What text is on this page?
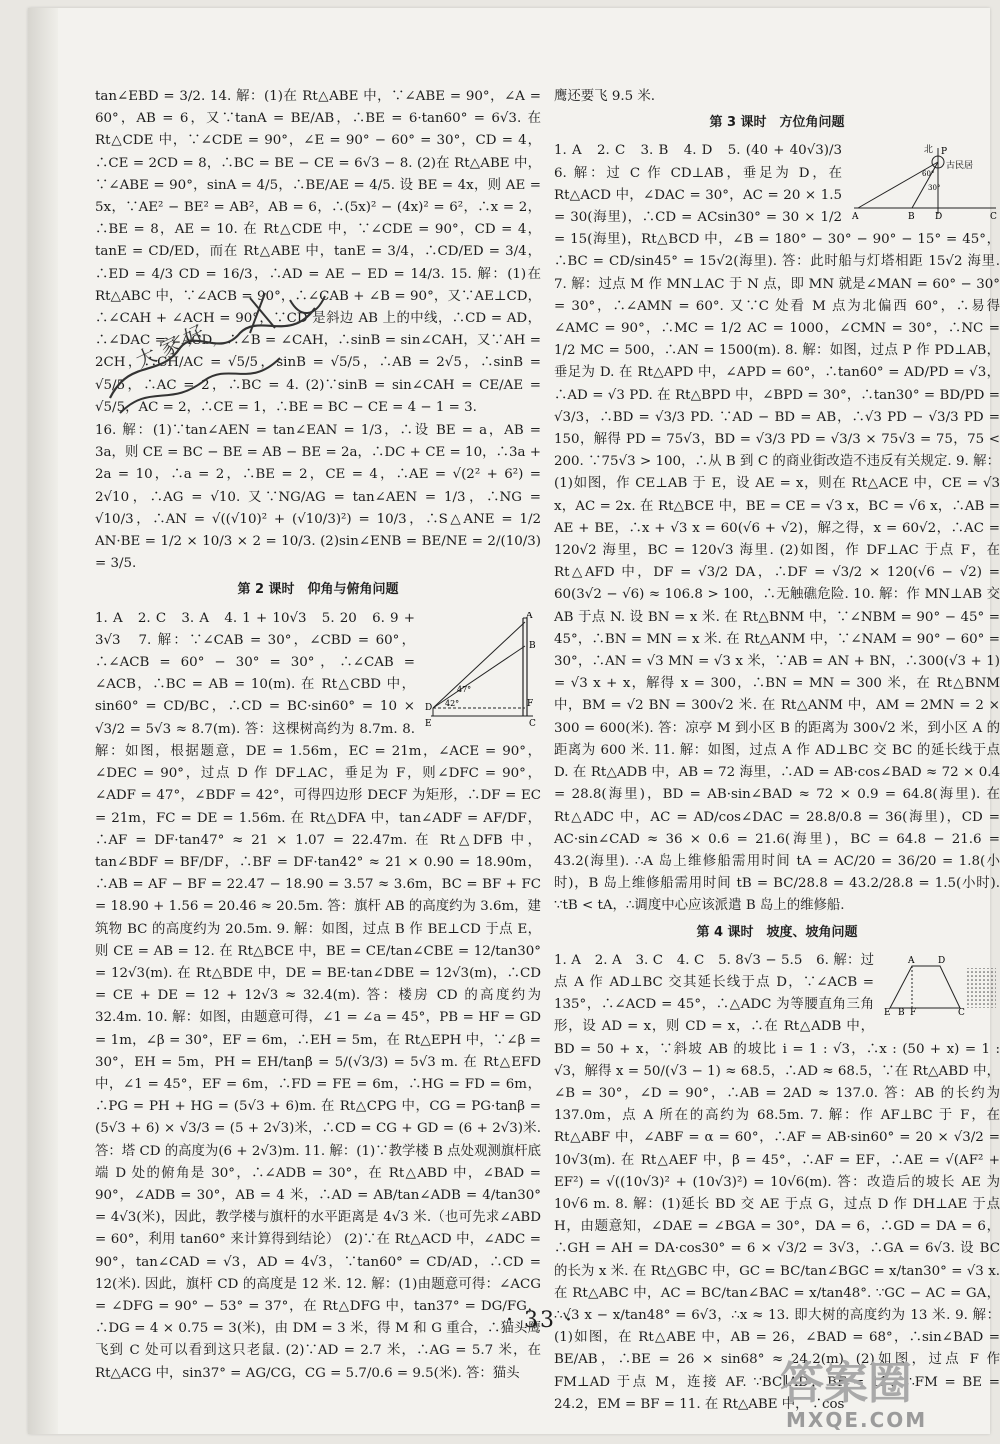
tan∠EBD = 3/2. 14. 解：(1)在 Rt△ABE 中，∵∠ABE = 90°，∠A = 60°，AB = 6，又∵tanA = BE/AB，∴BE = 6·tan60° = 6√3. 在 Rt△CDE 中，∵∠CDE = 90°，∠E = 90° − 60° = 30°，CD = 4，∴CE = 2CD = 8，∴BC = BE − CE = 6√3 − 8. (2)在 Rt△ABE 中，∵∠ABE = 90°，sinA = 4/5，∴BE/AE = 4/5. 设 BE = 4x，则 AE = 5x，∵AE² − BE² = AB²，AB = 6，∴(5x)² − (4x)² = 6²，∴x = 2，∴BE = 8，AE = 10. 在 Rt△CDE 中，∵∠CDE = 90°，CD = 4，tanE = CD/ED，而在 Rt△ABE 中，tanE = 3/4，∴CD/ED = 3/4，∴ED = 4/3 CD = 16/3，∴AD = AE − ED = 14/3. 15. 解：(1)在 Rt△ABC 中，∵∠ACB = 90°，∴∠CAB + ∠B = 90°，又∵AE⊥CD，∴∠CAH + ∠ACH = 90°，∵CD 是斜边 AB 上的中线，∴CD = AD，∴∠DAC = ∠ACD，∴∠B = ∠CAH，∴sinB = sin∠CAH，又∵AH = 2CH，∴CH/AC = √5/5，sinB = √5/5，∴AB = 2√5，∴sinB = √5/5，∴AC = 2，∴BC = 4. (2)∵sinB = sin∠CAH = CE/AE = √5/5，AC = 2，∴CE = 1，∴BE = BC − CE = 4 − 1 = 3.

16. 解：(1)∵tan∠AEN = tan∠EAN = 1/3，∴设 BE = a，AB = 3a，则 CE = BC − BE = AB − BE = 2a，∴DC + CE = 10，∴3a + 2a = 10，∴a = 2，∴BE = 2，CE = 4，∴AE = √(2² + 6²) = 2√10，∴AG = √10. 又∵NG/AG = tan∠AEN = 1/3，∴NG = √10/3，∴AN = √((√10)² + (√10/3)²) = 10/3，∴S△ANE = 1/2 AN·BE = 1/2 × 10/3 × 2 = 10/3. (2)sin∠ENB = BE/NE = 2/(10/3) = 3/5.

第 2 课时　仰角与俯角问题
A
B
C
D
E
F
47°
42°

1. A　2. C　3. A　4. 1 + 10√3　5. 20　6. 9 + 3√3　7. 解：∵∠CAB = 30°，∠CBD = 60°，∴∠ACB = 60° − 30° = 30°，∴∠CAB = ∠ACB，∴BC = AB = 10(m). 在 Rt△CBD 中，sin60° = CD/BC，∴CD = BC·sin60° = 10 × √3/2 = 5√3 ≈ 8.7(m). 答：这棵树高约为 8.7m. 8. 解：如图，根据题意，DE = 1.56m，EC = 21m，∠ACE = 90°，∠DEC = 90°，过点 D 作 DF⊥AC，垂足为 F，则∠DFC = 90°，∠ADF = 47°，∠BDF = 42°，可得四边形 DECF 为矩形，∴DF = EC = 21m，FC = DE = 1.56m. 在 Rt△DFA 中，tan∠ADF = AF/DF，∴AF = DF·tan47° ≈ 21 × 1.07 = 22.47m. 在 Rt△DFB 中，tan∠BDF = BF/DF，∴BF = DF·tan42° ≈ 21 × 0.90 = 18.90m，∴AB = AF − BF = 22.47 − 18.90 = 3.57 ≈ 3.6m，BC = BF + FC = 18.90 + 1.56 = 20.46 ≈ 20.5m. 答：旗杆 AB 的高度约为 3.6m，建筑物 BC 的高度约为 20.5m. 9. 解：如图，过点 B 作 BE⊥CD 于点 E，则 CE = AB = 12. 在 Rt△BCE 中，BE = CE/tan∠CBE = 12/tan30° = 12√3(m). 在 Rt△BDE 中，DE = BE·tan∠DBE = 12√3(m)，∴CD = CE + DE = 12 + 12√3 ≈ 32.4(m). 答：楼房 CD 的高度约为 32.4m. 10. 解：如图，由题意可得，∠1 = ∠a = 45°，PB = HF = GD = 1m，∠β = 30°，EF = 6m，∴EH = 5m，在 Rt△EPH 中，∵∠β = 30°，EH = 5m，PH = EH/tanβ = 5/(√3/3) = 5√3 m. 在 Rt△EFD 中，∠1 = 45°，EF = 6m，∴FD = FE = 6m，∴HG = FD = 6m，∴PG = PH + HG = (5√3 + 6)m. 在 Rt△CPG 中，CG = PG·tanβ = (5√3 + 6) × √3/3 = (5 + 2√3)米，∴CD = CG + GD = (6 + 2√3)米. 答：塔 CD 的高度为(6 + 2√3)m. 11. 解：(1)∵教学楼 B 点处观测旗杆底端 D 处的俯角是 30°，∴∠ADB = 30°，在 Rt△ABD 中，∠BAD = 90°，∠ADB = 30°，AB = 4 米，∴AD = AB/tan∠ADB = 4/tan30° = 4√3(米)，因此，教学楼与旗杆的水平距离是 4√3 米.（也可先求∠ABD = 60°，利用 tan60° 来计算得到结论） (2)∵在 Rt△ACD 中，∠ADC = 90°，tan∠CAD = √3，AD = 4√3，∵tan60° = CD/AD，∴CD = 12(米). 因此，旗杆 CD 的高度是 12 米. 12. 解：(1)由题意可得：∠ACG = ∠DFG = 90° − 53° = 37°，在 Rt△DFG 中，tan37° = DG/FG，∴DG = 4 × 0.75 = 3(米)，由 DM = 3 米，得 M 和 G 重合，∴猫头鹰飞到 C 处可以看到这只老鼠. (2)∵AD = 2.7 米，∴AG = 5.7 米，在 Rt△ACG 中，sin37° = AG/CG，CG = 5.7/0.6 = 9.5(米). 答：猫头

鹰还要飞 9.5 米.

第 3 课时　方位角问题
北 P
古民居
A	B D	C
60°
30°

1. A　2. C　3. B　4. D　5. (40 + 40√3)/3　6. 解：过 C 作 CD⊥AB，垂足为 D，在 Rt△ACD 中，∠DAC = 30°，AC = 20 × 1.5 = 30(海里)，∴CD = ACsin30° = 30 × 1/2 = 15(海里)，Rt△BCD 中，∠B = 180° − 30° − 90° − 15° = 45°，∴BC = CD/sin45° = 15√2(海里). 答：此时船与灯塔相距 15√2 海里. 7. 解：过点 M 作 MN⊥AC 于 N 点，即 MN 就是∠MAN = 60° − 30° = 30°，∴∠AMN = 60°. 又∵C 处看 M 点为北偏西 60°，∴易得∠AMC = 90°，∴MC = 1/2 AC = 1000，∠CMN = 30°，∴NC = 1/2 MC = 500，∴AN = 1500(m). 8. 解：如图，过点 P 作 PD⊥AB，垂足为 D. 在 Rt△APD 中，∠APD = 60°，∴tan60° = AD/PD = √3，∴AD = √3 PD. 在 Rt△BPD 中，∠BPD = 30°，∴tan30° = BD/PD = √3/3，∴BD = √3/3 PD. ∵AD − BD = AB，∴√3 PD − √3/3 PD = 150，解得 PD = 75√3，BD = √3/3 PD = √3/3 × 75√3 = 75，75 < 200. ∵75√3 > 100，∴从 B 到 C 的商业街改造不违反有关规定. 9. 解：(1)如图，作 CE⊥AB 于 E，设 AE = x，则在 Rt△ACE 中，CE = √3 x，AC = 2x. 在 Rt△BCE 中，BE = CE = √3 x，BC = √6 x，∴AB = AE + BE，∴x + √3 x = 60(√6 + √2)，解之得，x = 60√2，∴AC = 120√2 海里，BC = 120√3 海里. (2)如图，作 DF⊥AC 于点 F，在 Rt△AFD 中，DF = √3/2 DA，∴DF = √3/2 × 120(√6 − √2) = 60(3√2 − √6) ≈ 106.8 > 100，∴无触礁危险. 10. 解：作 MN⊥AB 交 AB 于点 N. 设 BN = x 米. 在 Rt△BNM 中，∵∠NBM = 90° − 45° = 45°，∴BN = MN = x 米. 在 Rt△ANM 中，∵∠NAM = 90° − 60° = 30°，∴AN = √3 MN = √3 x 米，∵AB = AN + BN，∴300(√3 + 1) = √3 x + x，解得 x = 300，∴BN = MN = 300 米，在 Rt△BNM 中，BM = √2 BN = 300√2 米. 在 Rt△ANM 中，AM = 2MN = 2 × 300 = 600(米). 答：凉亭 M 到小区 B 的距离为 300√2 米，到小区 A 的距离为 600 米. 11. 解：如图，过点 A 作 AD⊥BC 交 BC 的延长线于点 D. 在 Rt△ADB 中，AB = 72 海里，∴AD = AB·cos∠BAD ≈ 72 × 0.4 = 28.8(海里)，BD = AB·sin∠BAD ≈ 72 × 0.9 = 64.8(海里). 在 Rt△ADC 中，AC = AD/cos∠DAC = 28.8/0.8 = 36(海里)，CD = AC·sin∠CAD ≈ 36 × 0.6 = 21.6(海里)，BC = 64.8 − 21.6 = 43.2(海里). ∴A 岛上维修船需用时间 tA = AC/20 = 36/20 = 1.8(小时)，B 岛上维修船需用时间 tB = BC/28.8 = 43.2/28.8 = 1.5(小时). ∵tB < tA，∴调度中心应该派遣 B 岛上的维修船.

第 4 课时　坡度、坡角问题
A	D
E B F	C

1. A　2. A　3. C　4. C　5. 8√3 − 5.5　6. 解：过点 A 作 AD⊥BC 交其延长线于点 D，∵∠ACB = 135°，∴∠ACD = 45°，∴△ADC 为等腰直角三角形，设 AD = x，则 CD = x，∴在 Rt△ADB 中，BD = 50 + x，∵斜坡 AB 的坡比 i = 1 : √3，∴x : (50 + x) = 1 : √3，解得 x = 50/(√3 − 1) ≈ 68.5，∴AD ≈ 68.5，∵在 Rt△ABD 中，∠B = 30°，∠D = 90°，∴AB = 2AD ≈ 137.0. 答：AB 的长约为 137.0m，点 A 所在的高约为 68.5m. 7. 解：作 AF⊥BC 于 F，在 Rt△ABF 中，∠ABF = α = 60°，∴AF = AB·sin60° = 20 × √3/2 = 10√3(m). 在 Rt△AEF 中，β = 45°，∴AF = EF，∴AE = √(AF² + EF²) = √((10√3)² + (10√3)²) = 10√6(m). 答：改造后的坡长 AE 为 10√6 m. 8. 解：(1)延长 BD 交 AE 于点 G，过点 D 作 DH⊥AE 于点 H，由题意知，∠DAE = ∠BGA = 30°，DA = 6，∴GD = DA = 6，∴GH = AH = DA·cos30° = 6 × √3/2 = 3√3，∴GA = 6√3. 设 BC 的长为 x 米. 在 Rt△GBC 中，GC = BC/tan∠BGC = x/tan30° = √3 x. 在 Rt△ABC 中，AC = BC/tan∠BAC = x/tan48°. ∵GC − AC = GA，∴√3 x − x/tan48° = 6√3，∴x ≈ 13. 即大树的高度约为 13 米. 9. 解：(1)如图，在 Rt△ABE 中，AB = 26，∠BAD = 68°，∴sin∠BAD = BE/AB，∴BE = 26 × sin68° ≈ 24.2(m). (2)如图，过点 F 作 FM⊥AD 于点 M，连接 AF. ∵BC∥AD，BF = 11，∴FM = BE = 24.2，EM = BF = 11. 在 Rt△ABE 中，∵cos

· 33 ·
大 家 好
答案圈
MXQE.COM
